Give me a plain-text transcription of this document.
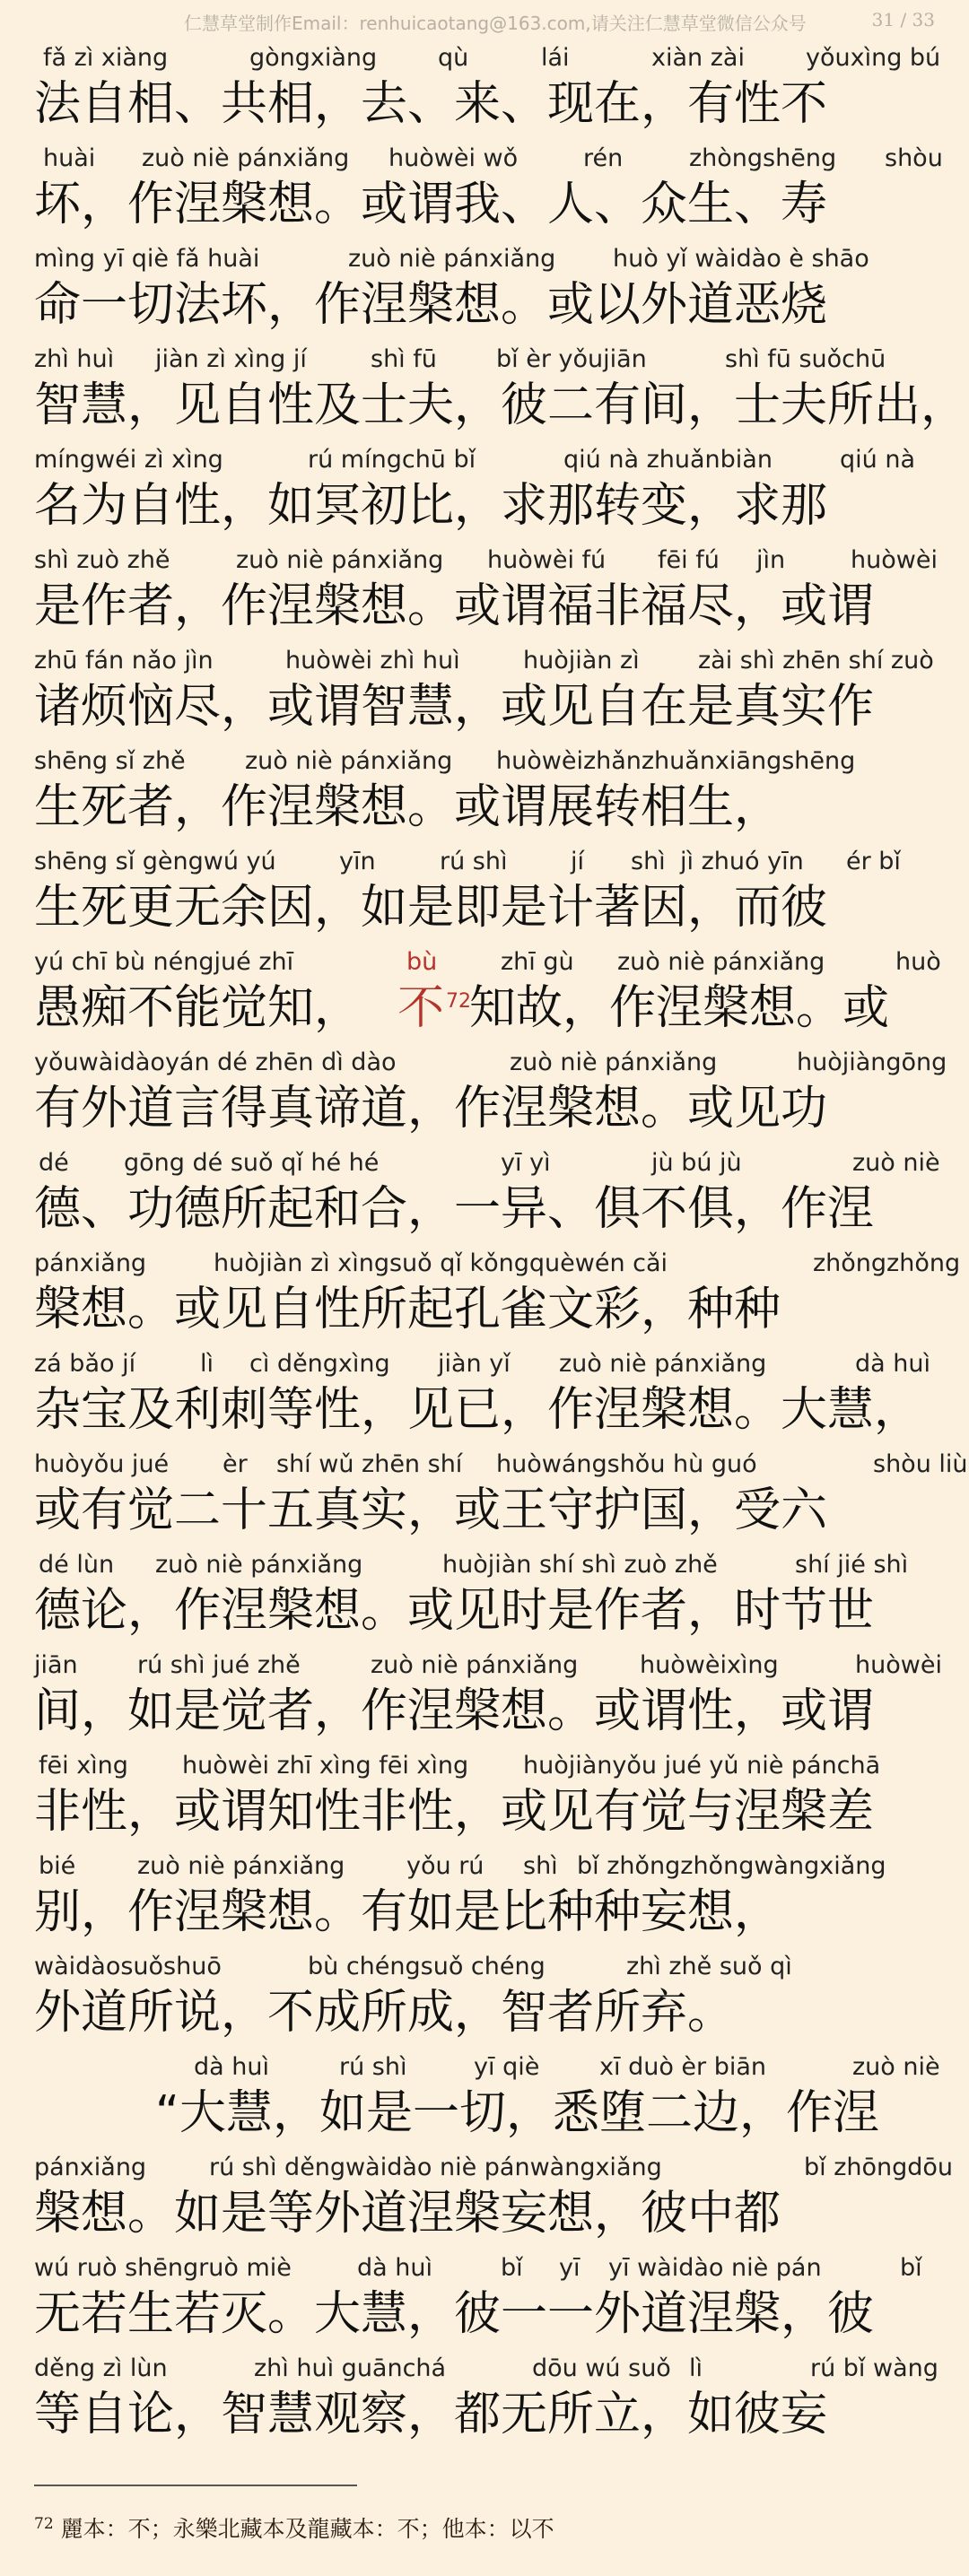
仁慧草堂制作Email：renhuicaotang@163.com,请关注仁慧草堂微信公众号	31 / 33
fǎ zì xiàng	gòngxiàng	qù	lái	xiàn zài	yǒuxìng bú
法自相、共相，去、来、现在，有性不
huài zuò niè pánxiǎng huòwèi wǒ	rén	zhòngshēng shòu
坏，作涅槃想。或谓我、人、众生、寿
mìng yī qiè fǎ huài	zuò niè pánxiǎng huò yǐ wàidào è shāo
命一切法坏，作涅槃想。或以外道恶烧
zhì huì jiàn zì xìng jí	shì fū bǐ èr yǒujiān	shì fū suǒchū
智慧，见自性及士夫，彼二有间，士夫所出，
míngwéi zì xìng	rú míngchū bǐ	qiú nà zhuǎnbiàn	qiú nà
名为自性，如冥初比，求那转变，求那
shì zuò zhě	zuò niè pánxiǎng huòwèi fú fēi fú jìn	huòwèi
是作者，作涅槃想。或谓福非福尽，或谓
zhū fán nǎo jìn	huòwèi zhì huì	huòjiàn zì zài shì zhēn shí zuò
诸烦恼尽，或谓智慧，或见自在是真实作
shēng sǐ zhě zuò niè pánxiǎng huòwèizhǎnzhuǎnxiāngshēng
生死者，作涅槃想。或谓展转相生，
shēng sǐ gèngwú yú	yīn	rú shì	jí shì jì zhuó yīn ér bǐ
生死更无余因，如是即是计著因，而彼
yú chī bù néngjué zhī	bù	zhī gù zuò niè pánxiǎng	huò
愚痴不能觉知， 不$^{72}$
知故，作涅槃想。或
yǒuwàidàoyán dé zhēn dì dào	zuò niè pánxiǎng	huòjiàngōng
有外道言得真谛道，作涅槃想。或见功
dé gōng dé suǒ qǐ hé hé	yī yì	jù bú jù	zuò niè
德、功德所起和合，一异、俱不俱，作涅
pánxiǎng	huòjiàn zì xìngsuǒ qǐ kǒngquèwén cǎi	zhǒngzhǒng
槃想。或见自性所起孔雀文彩，种种
zá bǎo jí	lì cì děngxìng jiàn yǐ zuò niè pánxiǎng	dà huì
杂宝及利刺等性，见已，作涅槃想。大慧，
huòyǒu jué èr shí wǔ zhēn shí huòwángshǒu hù guó	shòu liù
或有觉二十五真实，或王守护国，受六
dé lùn zuò niè pánxiǎng	huòjiàn shí shì zuò zhě	shí jié shì
德论，作涅槃想。或见时是作者，时节世
jiān rú shì jué zhě	zuò niè pánxiǎng	huòwèixìng	huòwèi
间，如是觉者，作涅槃想。或谓性，或谓
fēi xìng huòwèi zhī xìng fēi xìng huòjiànyǒu jué yǔ niè pánchā
非性，或谓知性非性，或见有觉与涅槃差
bié	zuò niè pánxiǎng	yǒu rú shì bǐ zhǒngzhǒngwàngxiǎng
别，作涅槃想。有如是比种种妄想，
wàidàosuǒshuō	bù chéngsuǒ chéng	zhì zhě suǒ qì
外道所说，不成所成，智者所弃。
dà huì	rú shì	yī qiè xī duò èr biān	zuò niè
“大慧，如是一切，悉堕二边，作涅
pánxiǎng	rú shì děngwàidào niè pánwàngxiǎng	bǐ zhōngdōu
槃想。如是等外道涅槃妄想，彼中都
wú ruò shēngruò miè	dà huì	bǐ yī yī wàidào niè pán	bǐ
无若生若灭。大慧，彼一一外道涅槃，彼
děng zì lùn	zhì huì guānchá	dōu wú suǒ lì	rú bǐ wàng
等自论，智慧观察，都无所立，如彼妄
$^{72}$ 麗本：不；永樂北藏本及龍藏本：不；他本：以不
